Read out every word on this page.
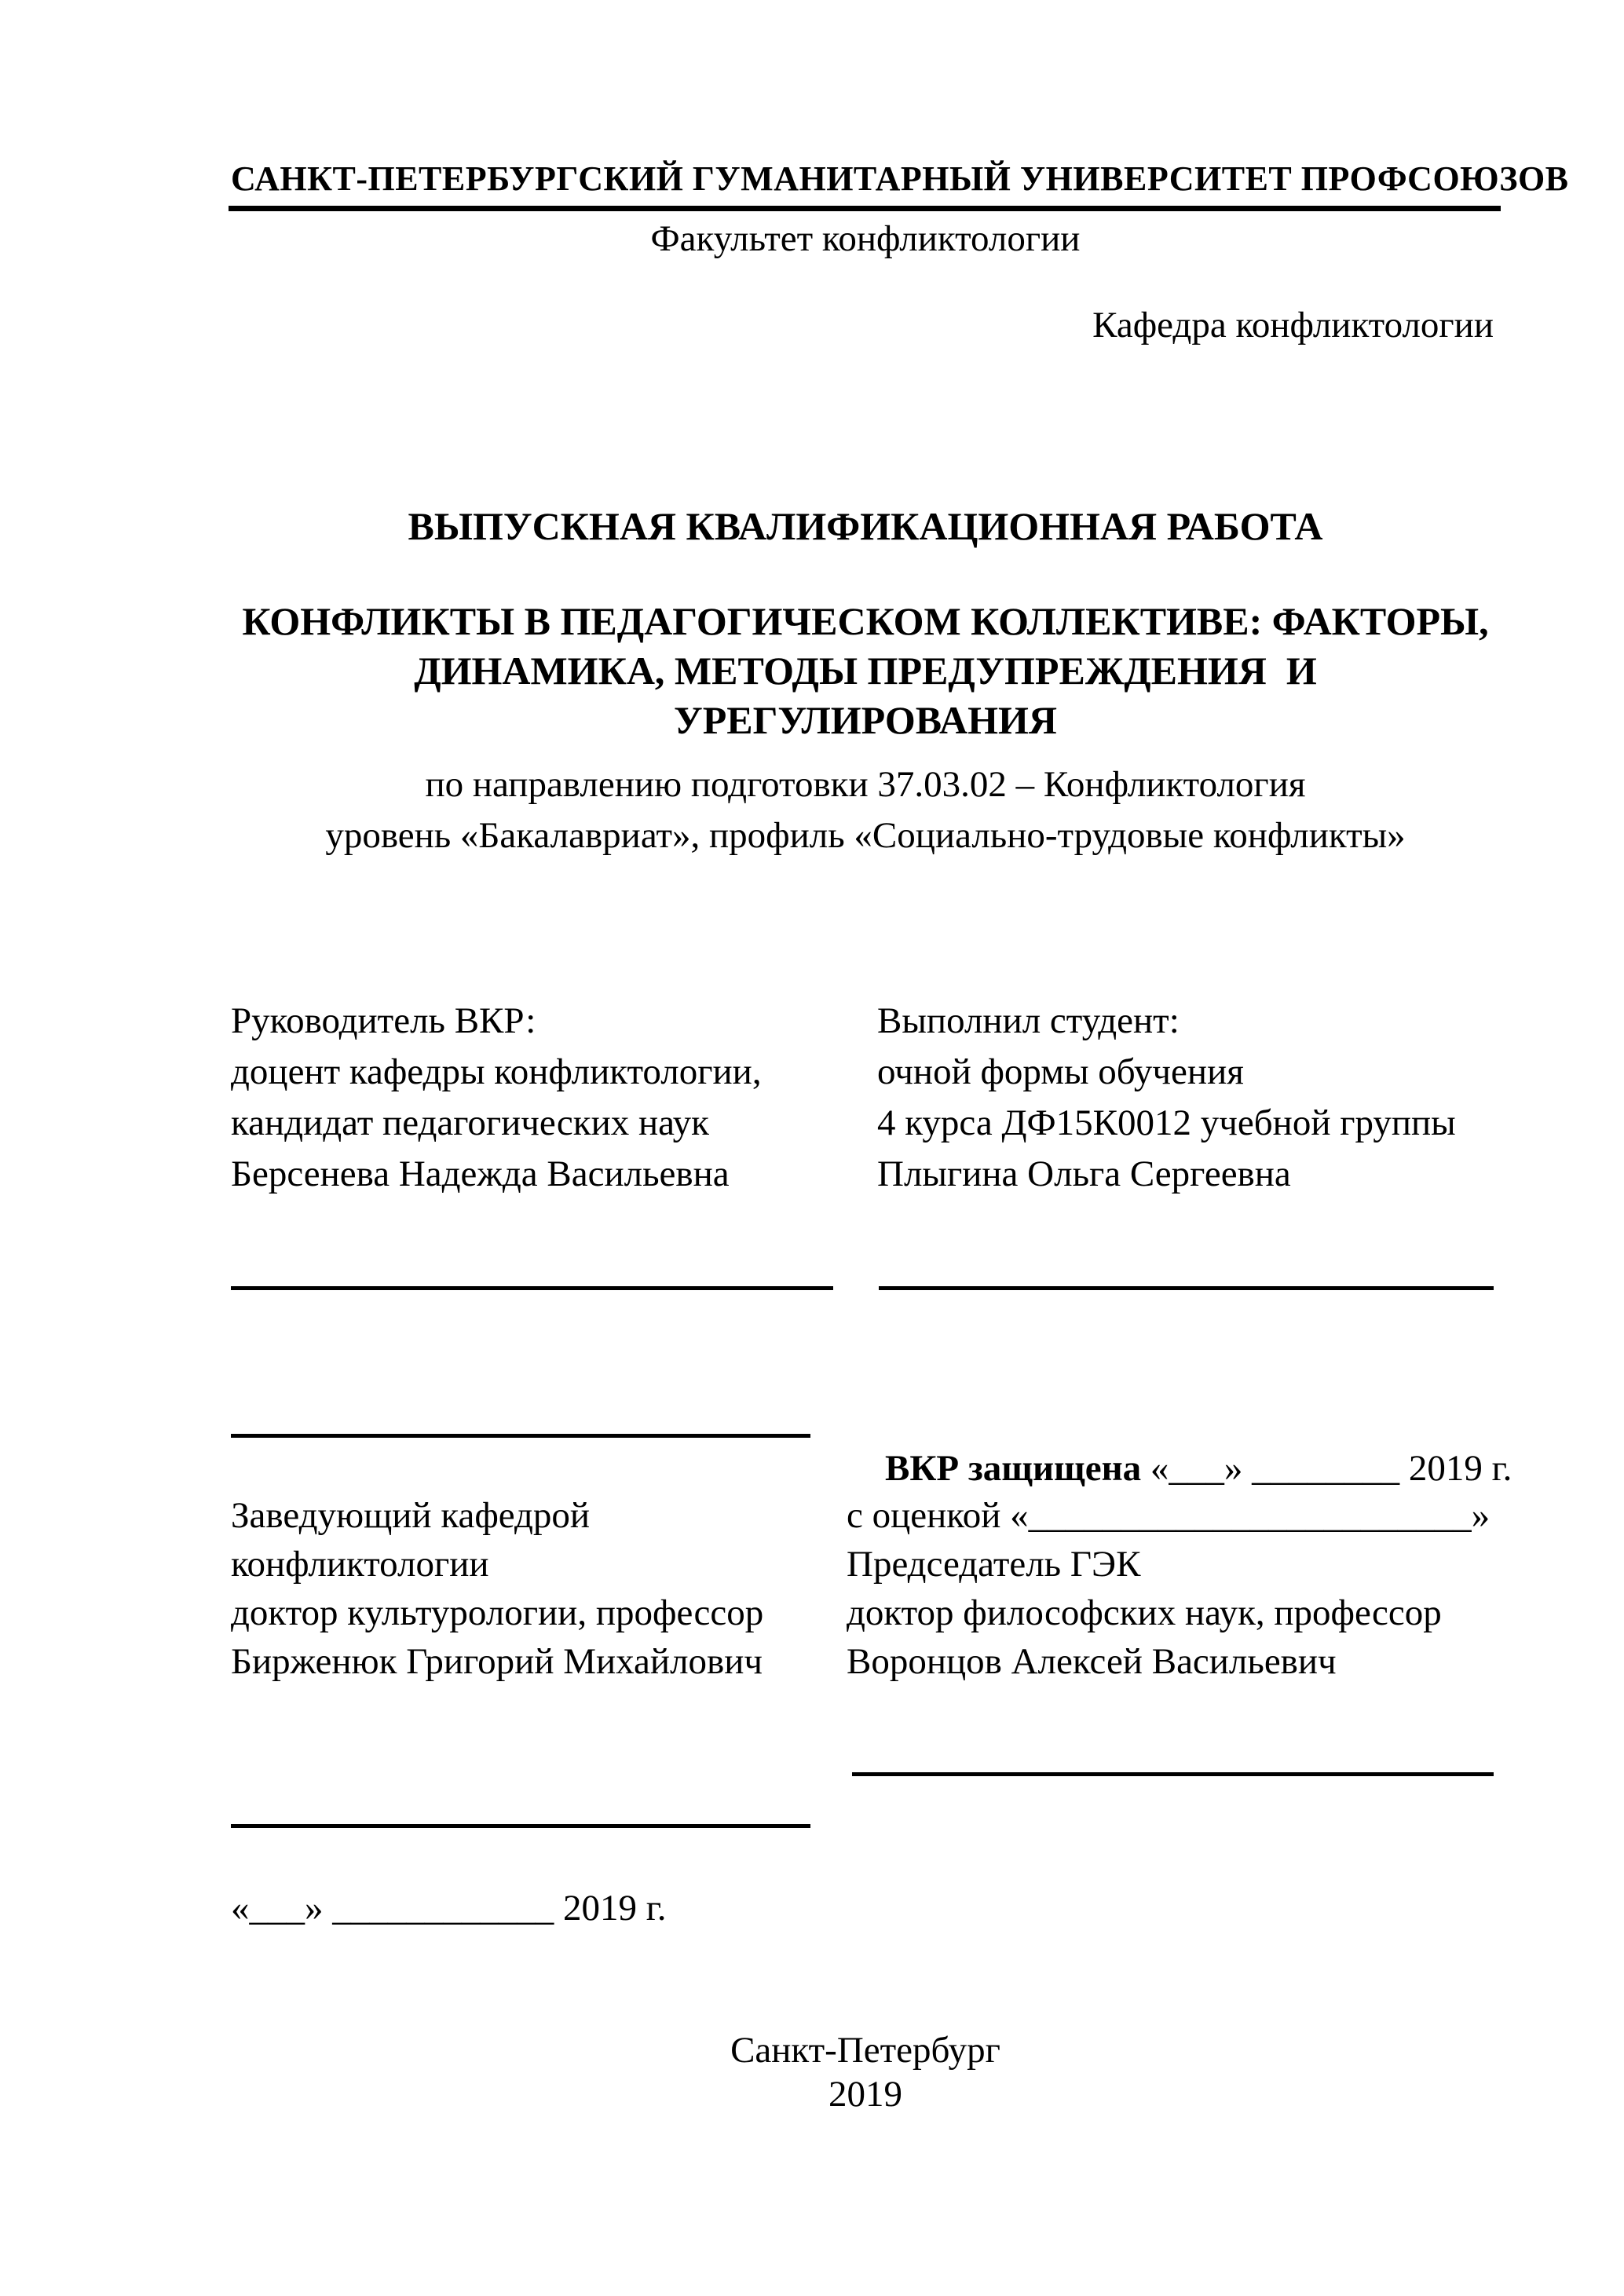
САНКТ-ПЕТЕРБУРГСКИЙ ГУМАНИТАРНЫЙ УНИВЕРСИТЕТ ПРОФСОЮЗОВ
Факультет конфликтологии
Кафедра конфликтологии
ВЫПУСКНАЯ КВАЛИФИКАЦИОННАЯ РАБОТА
КОНФЛИКТЫ В ПЕДАГОГИЧЕСКОМ КОЛЛЕКТИВЕ: ФАКТОРЫ,
ДИНАМИКА, МЕТОДЫ ПРЕДУПРЕЖДЕНИЯ  И УРЕГУЛИРОВАНИЯ
по направлению подготовки 37.03.02 – Конфликтология
уровень «Бакалавриат», профиль «Социально-трудовые конфликты»
Руководитель ВКР:
доцент кафедры конфликтологии,
кандидат педагогических наук
Берсенева Надежда Васильевна
Выполнил студент:
очной формы обучения
4 курса ДФ15К0012 учебной группы
Плыгина Ольга Сергеевна

ВКР защищена «___» ________ 2019 г.

Заведующий кафедрой
конфликтологии
доктор культурологии, профессор
Бирженюк Григорий Михайлович
с оценкой «________________________»
Председатель ГЭК
доктор философских наук, профессор
Воронцов Алексей Васильевич
«___» ____________ 2019 г.
Санкт-Петербург
2019
